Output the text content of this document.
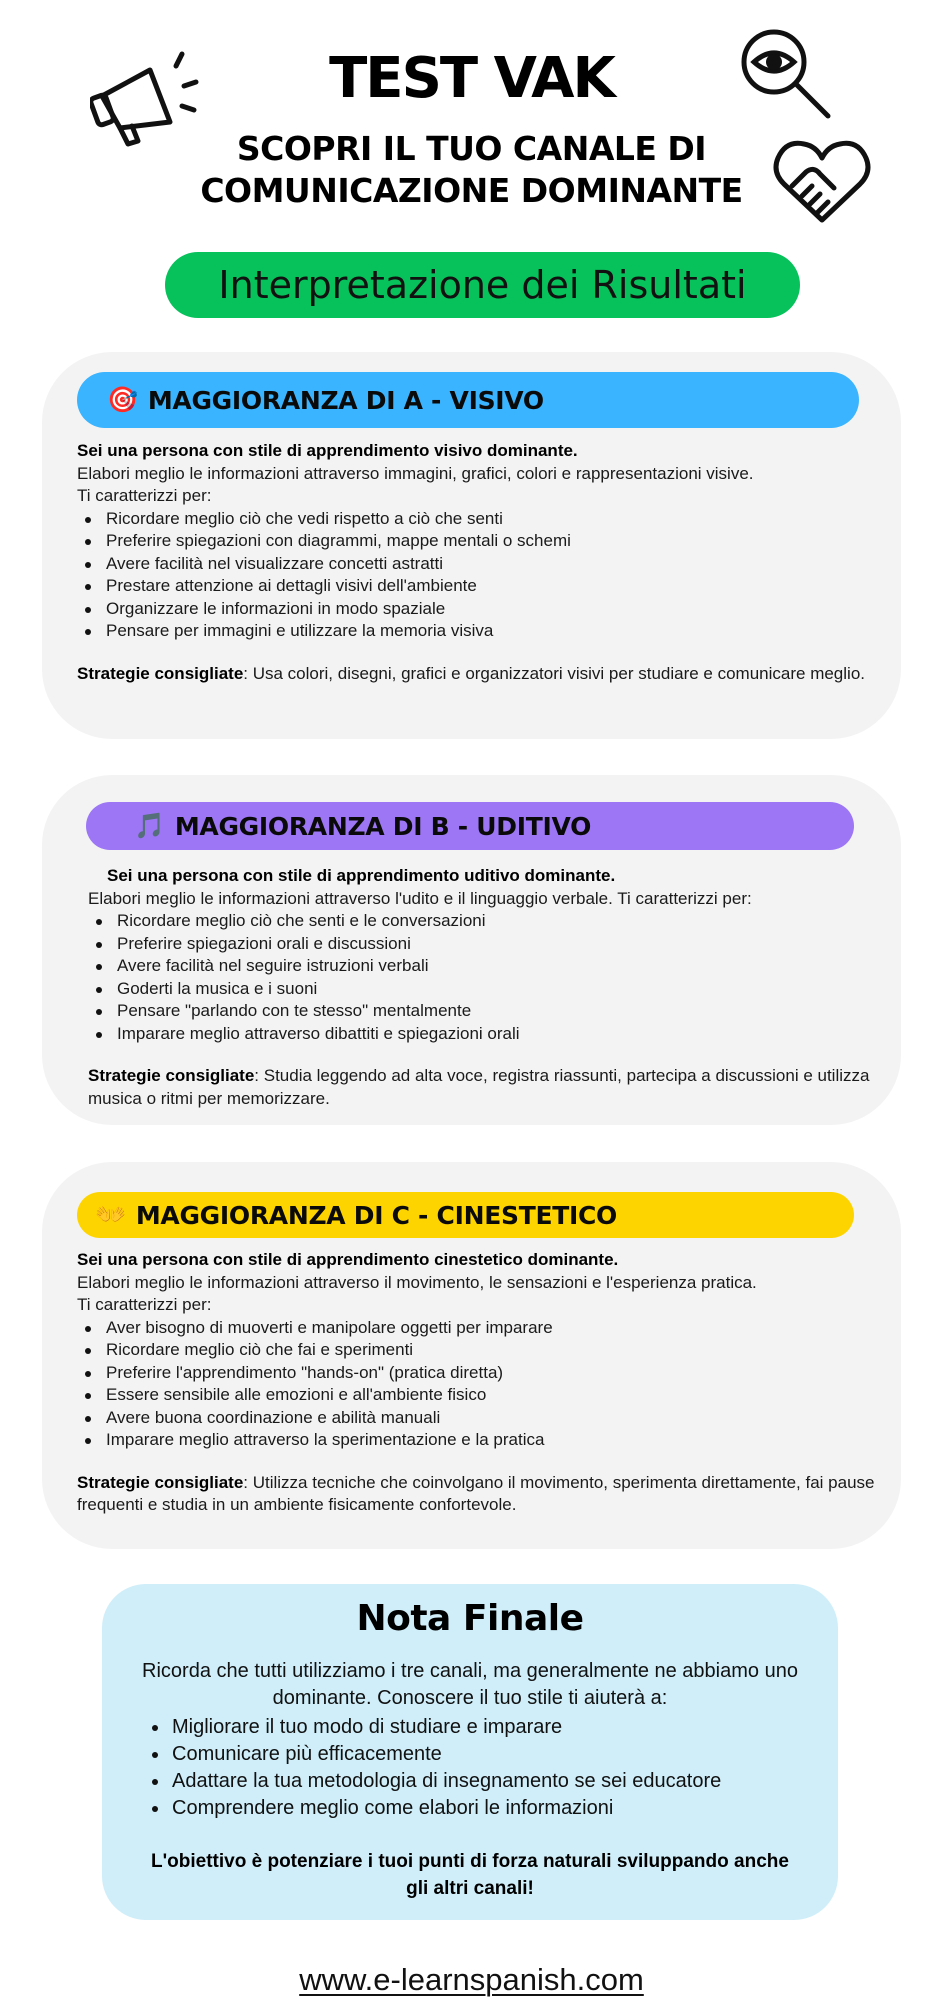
TEST VAK
SCOPRI IL TUO CANALE DI COMUNICAZIONE DOMINANTE
Interpretazione dei Risultati
🎯 MAGGIORANZA DI A - VISIVO
Sei una persona con stile di apprendimento visivo dominante.
Elabori meglio le informazioni attraverso immagini, grafici, colori e rappresentazioni visive.
Ti caratterizzi per:
Ricordare meglio ciò che vedi rispetto a ciò che senti
Preferire spiegazioni con diagrammi, mappe mentali o schemi
Avere facilità nel visualizzare concetti astratti
Prestare attenzione ai dettagli visivi dell'ambiente
Organizzare le informazioni in modo spaziale
Pensare per immagini e utilizzare la memoria visiva
Strategie consigliate: Usa colori, disegni, grafici e organizzatori visivi per studiare e comunicare meglio.
🎵 MAGGIORANZA DI B - UDITIVO
Sei una persona con stile di apprendimento uditivo dominante.
Elabori meglio le informazioni attraverso l'udito e il linguaggio verbale. Ti caratterizzi per:
Ricordare meglio ciò che senti e le conversazioni
Preferire spiegazioni orali e discussioni
Avere facilità nel seguire istruzioni verbali
Goderti la musica e i suoni
Pensare "parlando con te stesso" mentalmente
Imparare meglio attraverso dibattiti e spiegazioni orali
Strategie consigliate: Studia leggendo ad alta voce, registra riassunti, partecipa a discussioni e utilizza musica o ritmi per memorizzare.
👐 MAGGIORANZA DI C - CINESTETICO
Sei una persona con stile di apprendimento cinestetico dominante.
Elabori meglio le informazioni attraverso il movimento, le sensazioni e l'esperienza pratica.
Ti caratterizzi per:
Aver bisogno di muoverti e manipolare oggetti per imparare
Ricordare meglio ciò che fai e sperimenti
Preferire l'apprendimento "hands-on" (pratica diretta)
Essere sensibile alle emozioni e all'ambiente fisico
Avere buona coordinazione e abilità manuali
Imparare meglio attraverso la sperimentazione e la pratica
Strategie consigliate: Utilizza tecniche che coinvolgano il movimento, sperimenta direttamente, fai pause frequenti e studia in un ambiente fisicamente confortevole.
Nota Finale
Ricorda che tutti utilizziamo i tre canali, ma generalmente ne abbiamo uno dominante. Conoscere il tuo stile ti aiuterà a:
Migliorare il tuo modo di studiare e imparare
Comunicare più efficacemente
Adattare la tua metodologia di insegnamento se sei educatore
Comprendere meglio come elabori le informazioni
L'obiettivo è potenziare i tuoi punti di forza naturali sviluppando anche gli altri canali!
www.e-learnspanish.com
